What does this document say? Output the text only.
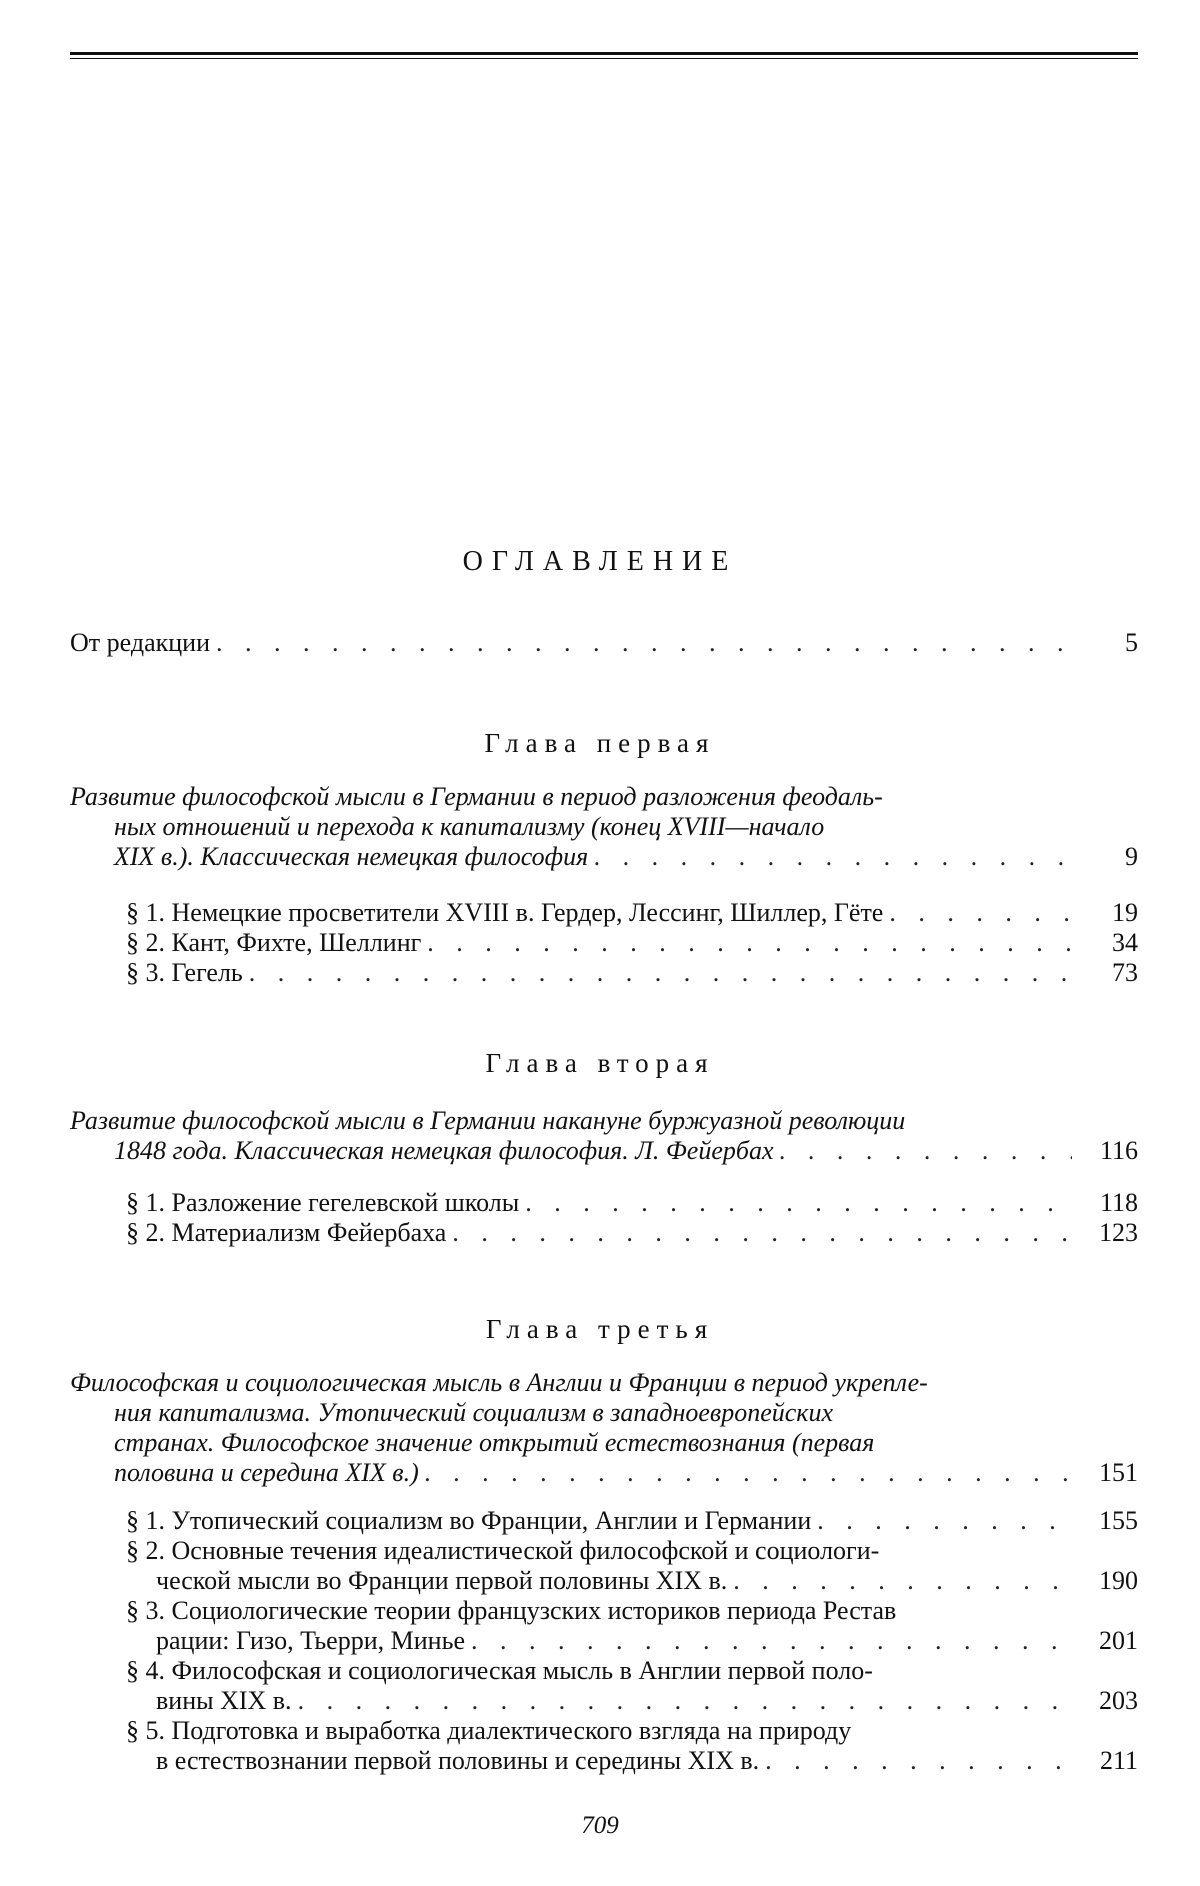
ОГЛАВЛЕНИЕ
От редакции . . .	5
Глава первая
Развитие философской мысли в Германии в период разложения феодаль-
ных отношений и перехода к капитализму (конец XVIII—начало
XIX в.). Классическая немецкая философия . . .	9
§ 1. Немецкие просветители XVIII в. Гердер, Лессинг, Шиллер, Гёте . . .	19
§ 2. Кант, Фихте, Шеллинг . . .	34
§ 3. Гегель . . .	73
Глава вторая
Развитие философской мысли в Германии накануне буржуазной революции
1848 года. Классическая немецкая философия. Л. Фейербах . . .	116
§ 1. Разложение гегелевской школы . . .	118
§ 2. Материализм Фейербаха . . .	123
Глава третья
Философская и социологическая мысль в Англии и Франции в период укрепле-
ния капитализма. Утопический социализм в западноевропейских
странах. Философское значение открытий естествознания (первая
половина и середина XIX в.) . . .	151
§ 1. Утопический социализм во Франции, Англии и Германии . . .	155
§ 2. Основные течения идеалистической философской и социологи-
ческой мысли во Франции первой половины XIX в. . . .	190
§ 3. Социологические теории французских историков периода Рестав
рации: Гизо, Тьерри, Минье . . .	201
§ 4. Философская и социологическая мысль в Англии первой поло-
вины XIX в. . . .	203
§ 5. Подготовка и выработка диалектического взгляда на природу
в естествознании первой половины и середины XIX в. . . .	211
709
